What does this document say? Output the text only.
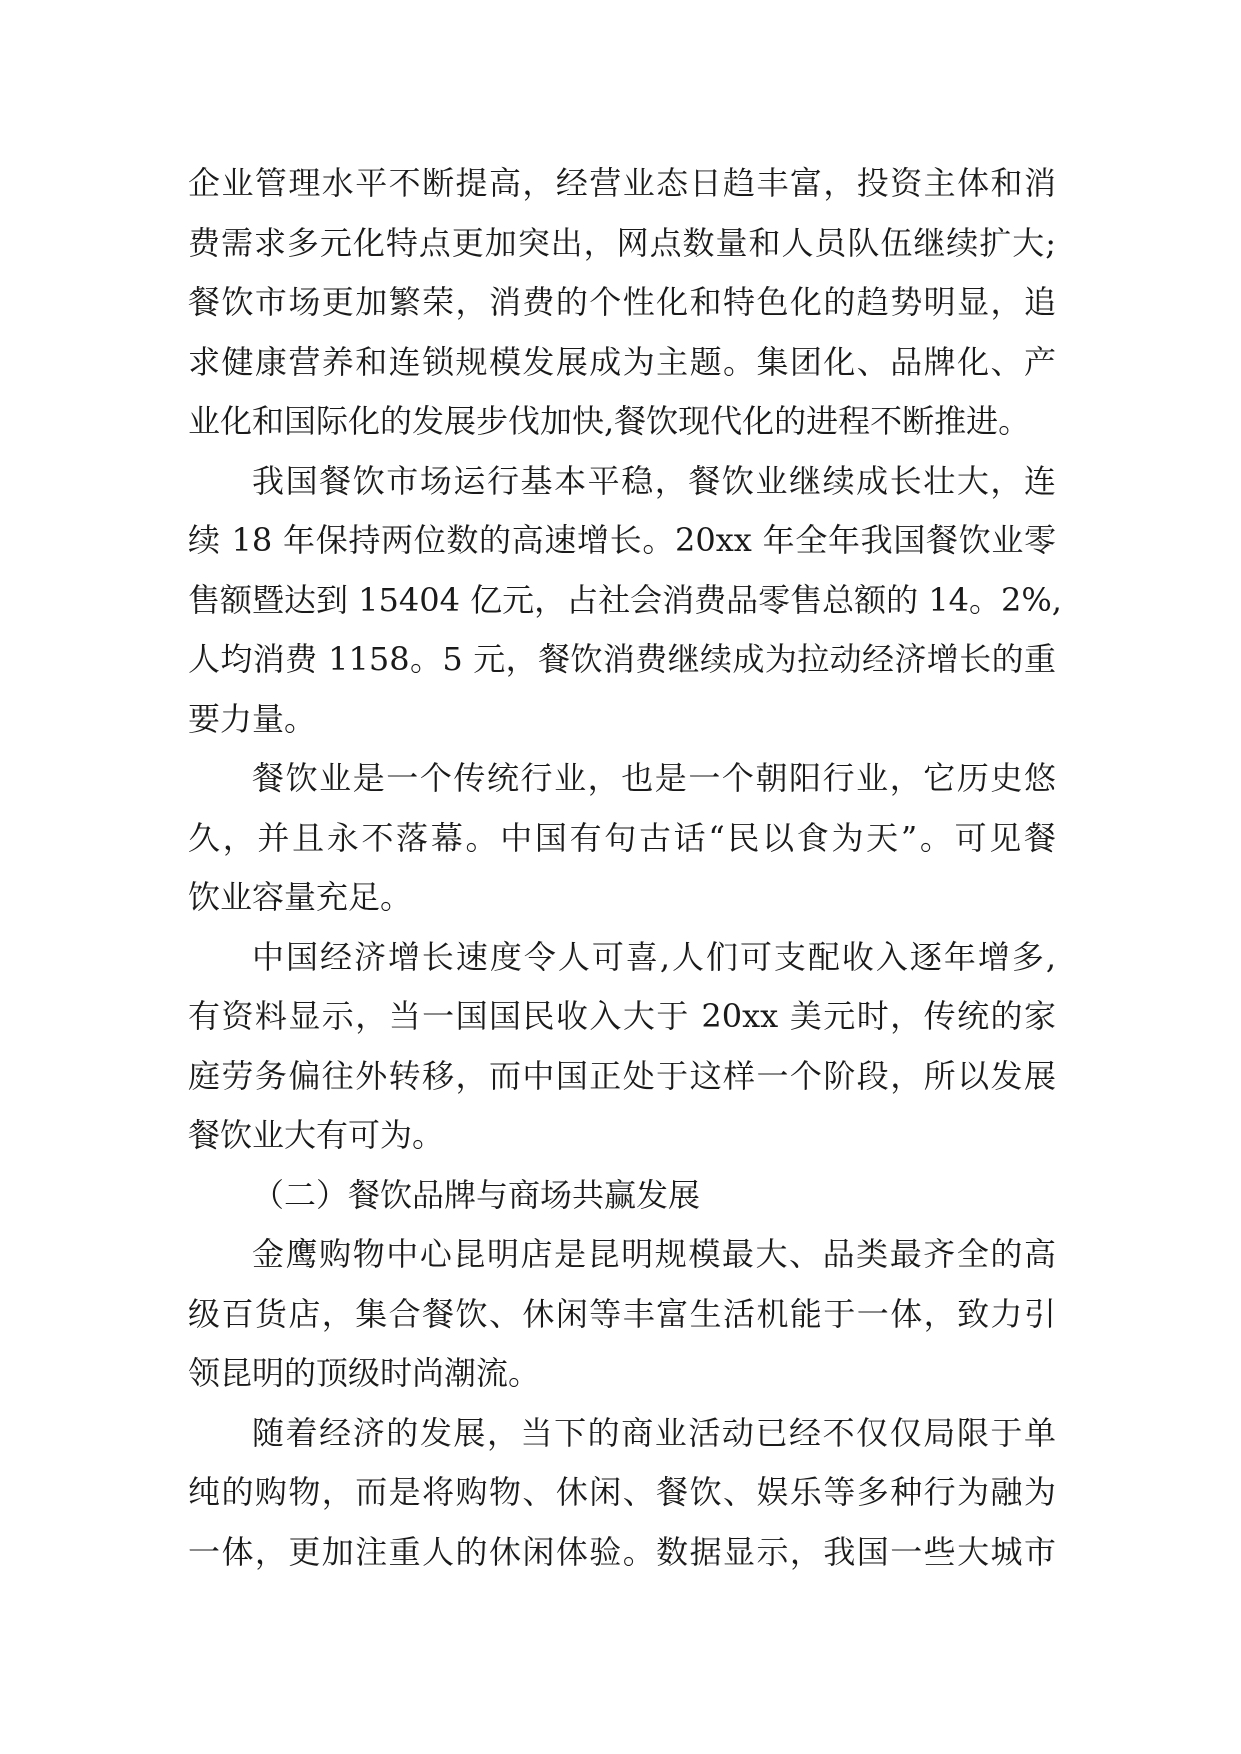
企业管理水平不断提高，经营业态日趋丰富，投资主体和消
费需求多元化特点更加突出，网点数量和人员队伍继续扩大;
餐饮市场更加繁荣，消费的个性化和特色化的趋势明显，追
求健康营养和连锁规模发展成为主题。集团化、品牌化、产
业化和国际化的发展步伐加快,餐饮现代化的进程不断推进。
我国餐饮市场运行基本平稳，餐饮业继续成长壮大，连
续 18 年保持两位数的高速增长。20xx 年全年我国餐饮业零
售额暨达到 15404 亿元，占社会消费品零售总额的 14。2%,
人均消费 1158。5 元，餐饮消费继续成为拉动经济增长的重
要力量。
餐饮业是一个传统行业，也是一个朝阳行业，它历史悠
久，并且永不落幕。中国有句古话“民以食为天”。可见餐
饮业容量充足。
中国经济增长速度令人可喜,人们可支配收入逐年增多,
有资料显示，当一国国民收入大于 20xx 美元时，传统的家
庭劳务偏往外转移，而中国正处于这样一个阶段，所以发展
餐饮业大有可为。
（二）餐饮品牌与商场共赢发展
金鹰购物中心昆明店是昆明规模最大、品类最齐全的高
级百货店，集合餐饮、休闲等丰富生活机能于一体，致力引
领昆明的顶级时尚潮流。
随着经济的发展，当下的商业活动已经不仅仅局限于单
纯的购物，而是将购物、休闲、餐饮、娱乐等多种行为融为
一体，更加注重人的休闲体验。数据显示，我国一些大城市
